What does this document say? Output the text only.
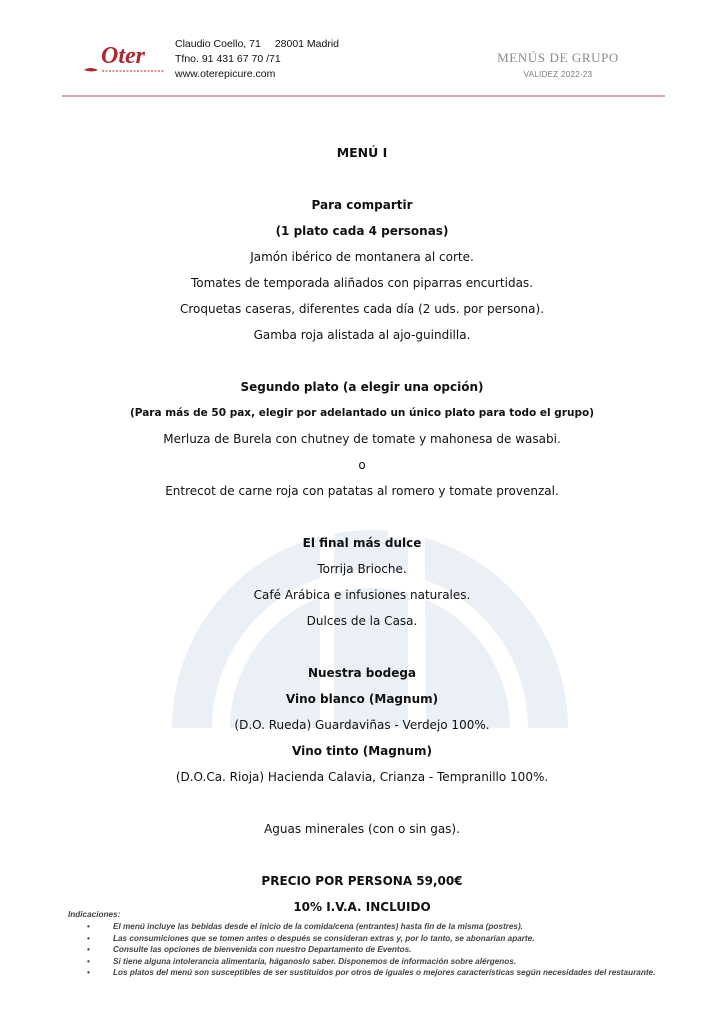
Oter	Claudio Coello, 71 28001 Madrid
Tfno. 91 431 67 70 /71
www.oterepicure.com
MENÚS DE GRUPO
VALIDEZ 2022-23
MENÚ I

Para compartir
(1 plato cada 4 personas)
Jamón ibérico de montanera al corte.
Tomates de temporada aliñados con piparras encurtidas.
Croquetas caseras, diferentes cada día (2 uds. por persona).
Gamba roja alistada al ajo-guindilla.

Segundo plato (a elegir una opción)
(Para más de 50 pax, elegir por adelantado un único plato para todo el grupo)
Merluza de Burela con chutney de tomate y mahonesa de wasabi.
o
Entrecot de carne roja con patatas al romero y tomate provenzal.

El final más dulce
Torrija Brioche.
Café Arábica e infusiones naturales.
Dulces de la Casa.

Nuestra bodega
Vino blanco (Magnum)
(D.O. Rueda) Guardaviñas - Verdejo 100%.
Vino tinto (Magnum)
(D.O.Ca. Rioja) Hacienda Calavia, Crianza - Tempranillo 100%.

Aguas minerales (con o sin gas).

PRECIO POR PERSONA 59,00€
10% I.V.A. INCLUIDO
Indicaciones:
• El menú incluye las bebidas desde el inicio de la comida/cena (entrantes) hasta fin de la misma (postres).
• Las consumiciones que se tomen antes o después se consideran extras y, por lo tanto, se abonarían aparte.
• Consulte las opciones de bienvenida con nuestro Departamento de Eventos.
• Si tiene alguna intolerancia alimentaria, háganoslo saber. Disponemos de información sobre alérgenos.
• Los platos del menú son susceptibles de ser sustituidos por otros de iguales o mejores características según necesidades del restaurante.
